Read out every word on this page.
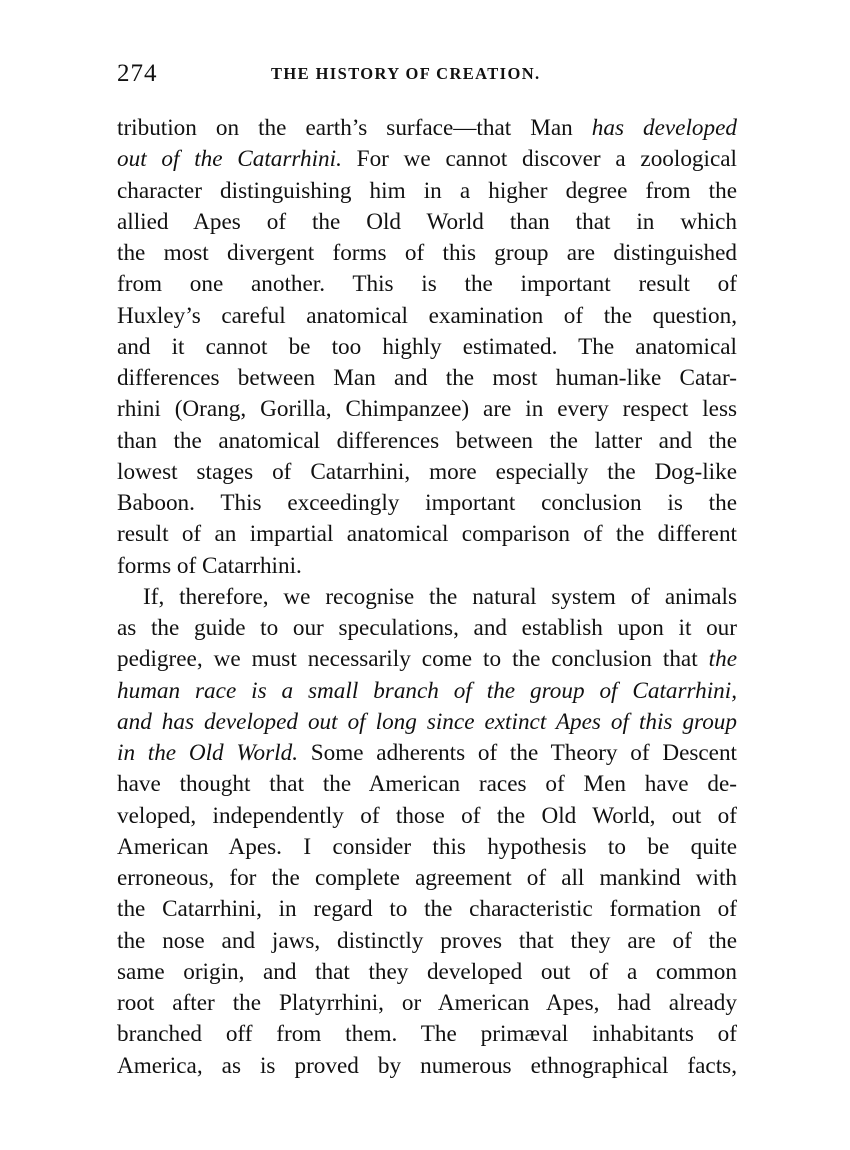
274	THE HISTORY OF CREATION.
tribution on the earth’s surface—that Man has developed
out of the Catarrhini. For we cannot discover a zoological
character distinguishing him in a higher degree from the
allied Apes of the Old World than that in which
the most divergent forms of this group are distinguished
from one another. This is the important result of
Huxley’s careful anatomical examination of the question,
and it cannot be too highly estimated. The anatomical
differences between Man and the most human-like Catar-
rhini (Orang, Gorilla, Chimpanzee) are in every respect less
than the anatomical differences between the latter and the
lowest stages of Catarrhini, more especially the Dog-like
Baboon. This exceedingly important conclusion is the
result of an impartial anatomical comparison of the different
forms of Catarrhini.
If, therefore, we recognise the natural system of animals
as the guide to our speculations, and establish upon it our
pedigree, we must necessarily come to the conclusion that the
human race is a small branch of the group of Catarrhini,
and has developed out of long since extinct Apes of this group
in the Old World. Some adherents of the Theory of Descent
have thought that the American races of Men have de-
veloped, independently of those of the Old World, out of
American Apes. I consider this hypothesis to be quite
erroneous, for the complete agreement of all mankind with
the Catarrhini, in regard to the characteristic formation of
the nose and jaws, distinctly proves that they are of the
same origin, and that they developed out of a common
root after the Platyrrhini, or American Apes, had already
branched off from them. The primæval inhabitants of
America, as is proved by numerous ethnographical facts,
